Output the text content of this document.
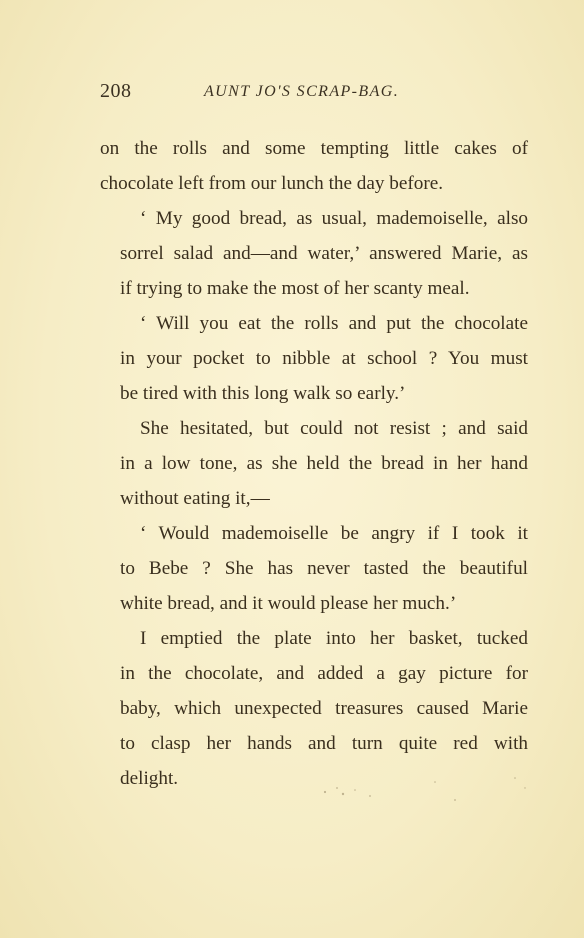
208	AUNT JO'S SCRAP-BAG.

on the rolls and some tempting little cakes of
chocolate left from our lunch the day before.

‘ My good bread, as usual, mademoiselle, also
sorrel salad and—and water,’ answered Marie, as
if trying to make the most of her scanty meal.

‘ Will you eat the rolls and put the chocolate
in your pocket to nibble at school ? You must
be tired with this long walk so early.’

She hesitated, but could not resist ; and said
in a low tone, as she held the bread in her hand
without eating it,—

‘ Would mademoiselle be angry if I took it
to Bebe ? She has never tasted the beautiful
white bread, and it would please her much.’

I emptied the plate into her basket, tucked
in the chocolate, and added a gay picture for
baby, which unexpected treasures caused Marie
to clasp her hands and turn quite red with
delight.
